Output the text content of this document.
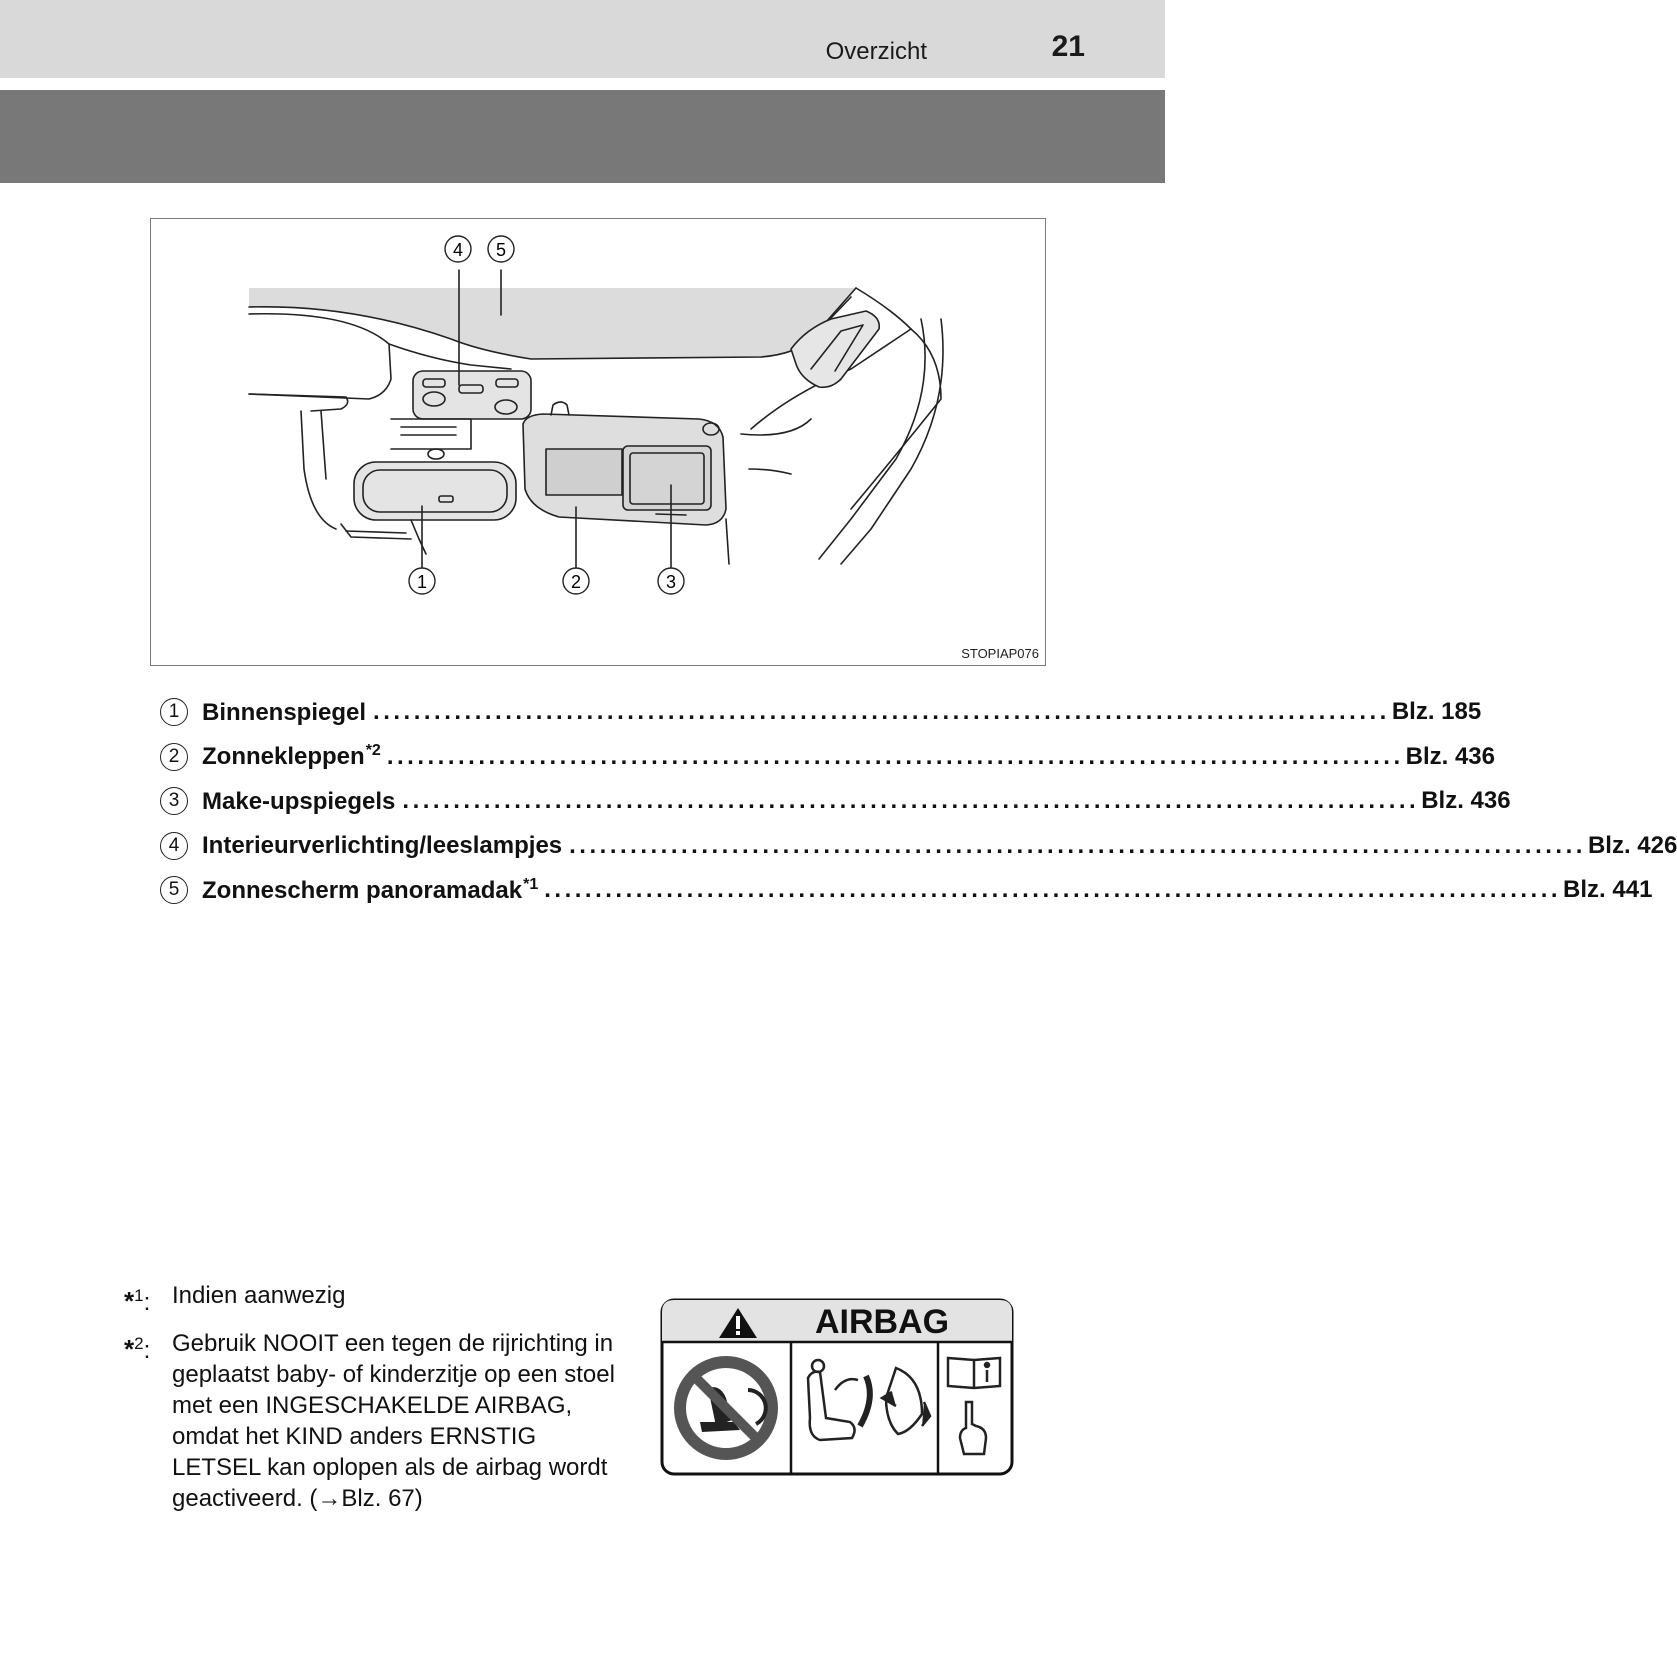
Overzicht	21
4 5
1	2	3
STOPIAP076
1 Binnenspiegel .................................................................................................... Blz. 185
2 Zonnekleppen$^{*2}$ .................................................................................................... Blz. 436
3 Make-upspiegels .................................................................................................... Blz. 436
4 Interieurverlichting/leeslampjes .................................................................................................... Blz. 426
5 Zonnescherm panoramadak$^{*1}$ .................................................................................................... Blz. 441
*$^1$: Indien aanwezig
*$^2$: Gebruik NOOIT een tegen de rijrichting in geplaatst baby- of kinderzitje op een stoel met een INGESCHAKELDE AIRBAG, omdat het KIND anders ERNSTIG LETSEL kan oplopen als de airbag wordt geactiveerd. (→Blz. 67)
AIRBAG
